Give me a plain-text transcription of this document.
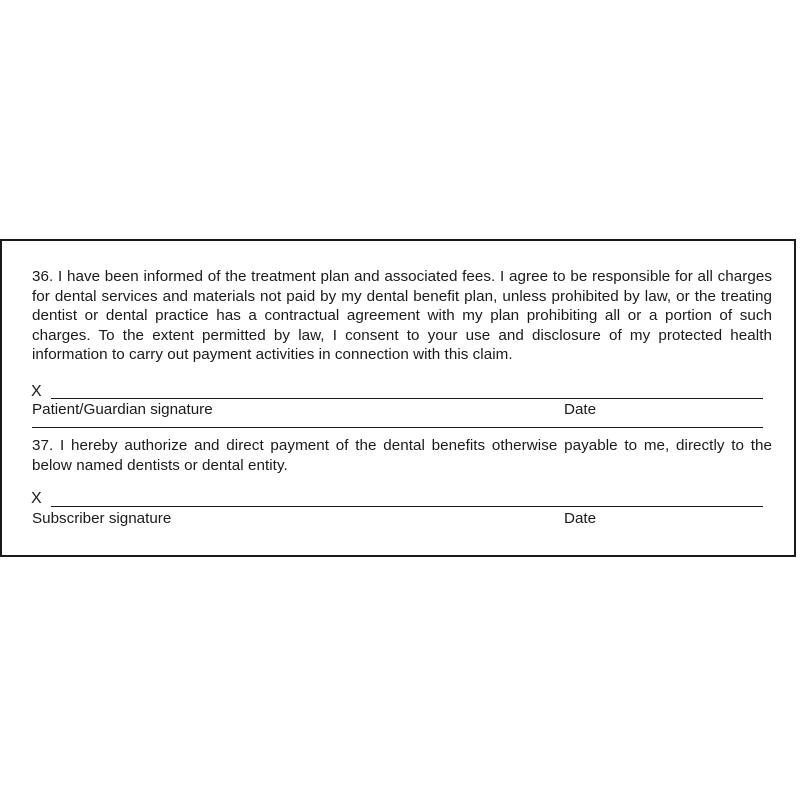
36. I have been informed of the treatment plan and associated fees. I agree to be responsible for all charges for dental services and materials not paid by my dental benefit plan, unless prohibited by law, or the treating dentist or dental practice has a contractual agreement with my plan prohibiting all or a portion of such charges. To the extent permitted by law, I consent to your use and disclosure of my protected health information to carry out payment activities in connection with this claim.

X
Patient/Guardian signature	Date

37. I hereby authorize and direct payment of the dental benefits otherwise payable to me, directly to the below named dentists or dental entity.

X
Subscriber signature	Date
